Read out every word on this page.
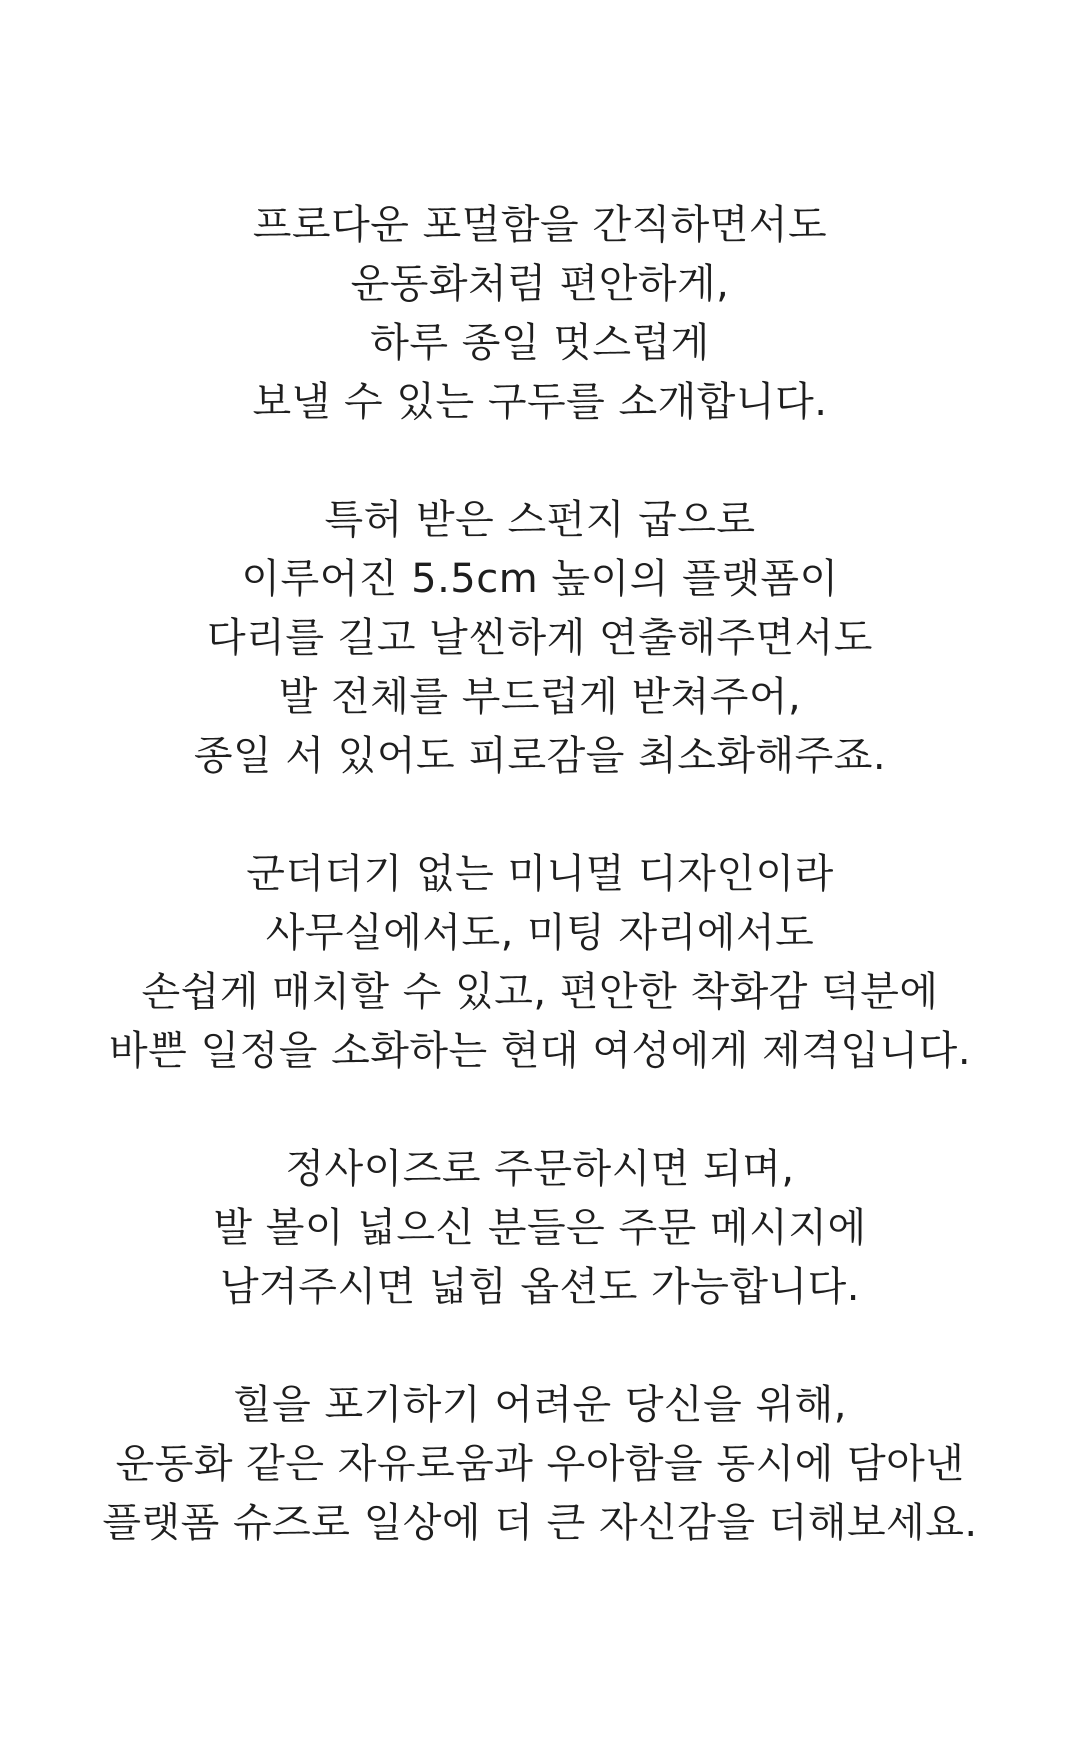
프로다운 포멀함을 간직하면서도
운동화처럼 편안하게,
하루 종일 멋스럽게
보낼 수 있는 구두를 소개합니다.

특허 받은 스펀지 굽으로
이루어진 5.5cm 높이의 플랫폼이
다리를 길고 날씬하게 연출해주면서도
발 전체를 부드럽게 받쳐주어,
종일 서 있어도 피로감을 최소화해주죠.

군더더기 없는 미니멀 디자인이라
사무실에서도, 미팅 자리에서도
손쉽게 매치할 수 있고, 편안한 착화감 덕분에
바쁜 일정을 소화하는 현대 여성에게 제격입니다.

정사이즈로 주문하시면 되며,
발 볼이 넓으신 분들은 주문 메시지에
남겨주시면 넓힘 옵션도 가능합니다.

힐을 포기하기 어려운 당신을 위해,
운동화 같은 자유로움과 우아함을 동시에 담아낸
플랫폼 슈즈로 일상에 더 큰 자신감을 더해보세요.
